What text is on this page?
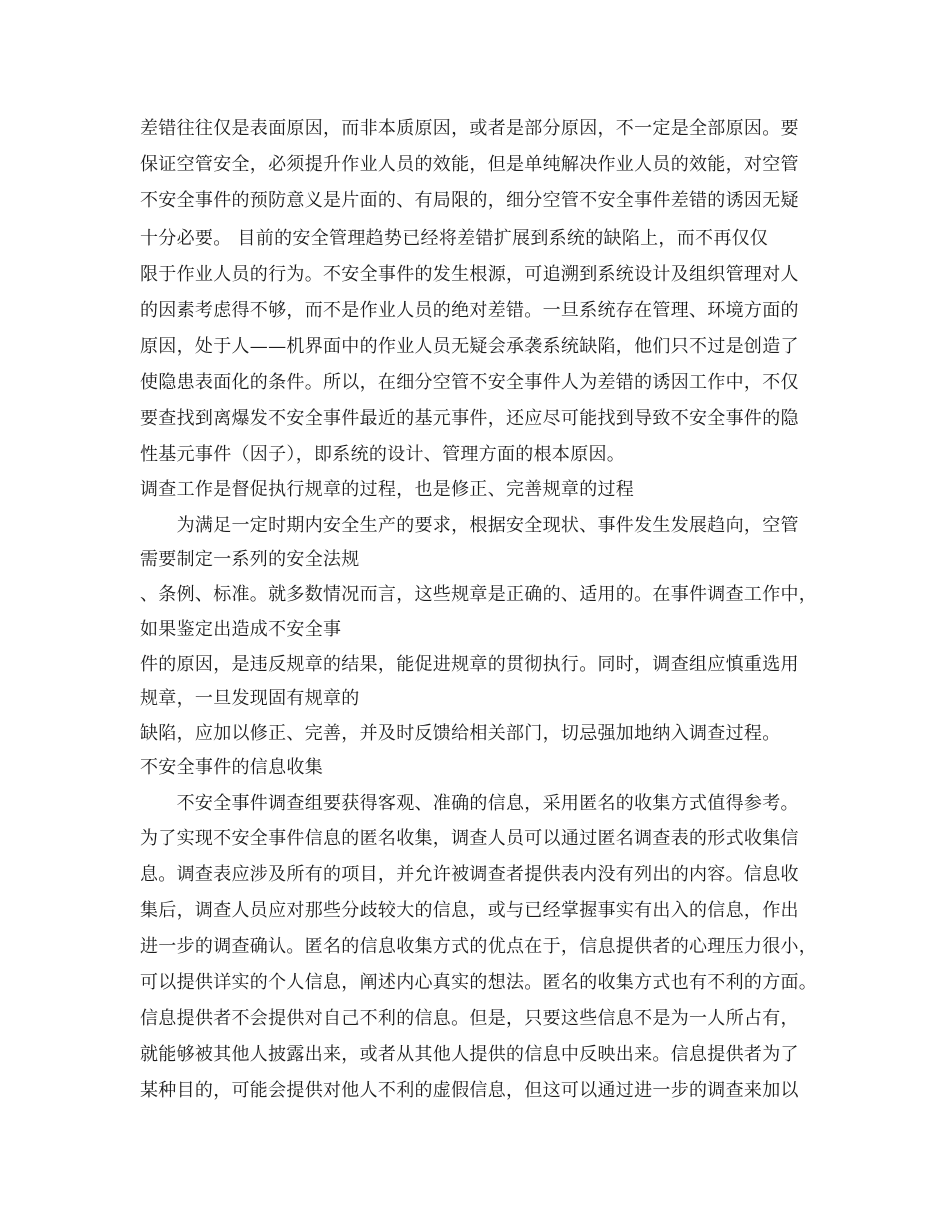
差错往往仅是表面原因，而非本质原因，或者是部分原因，不一定是全部原因。要
保证空管安全，必须提升作业人员的效能，但是单纯解决作业人员的效能，对空管
不安全事件的预防意义是片面的、有局限的，细分空管不安全事件差错的诱因无疑
十分必要。 目前的安全管理趋势已经将差错扩展到系统的缺陷上，而不再仅仅
限于作业人员的行为。不安全事件的发生根源，可追溯到系统设计及组织管理对人
的因素考虑得不够，而不是作业人员的绝对差错。一旦系统存在管理、环境方面的
原因，处于人——机界面中的作业人员无疑会承袭系统缺陷，他们只不过是创造了
使隐患表面化的条件。所以，在细分空管不安全事件人为差错的诱因工作中，不仅
要查找到离爆发不安全事件最近的基元事件，还应尽可能找到导致不安全事件的隐
性基元事件（因子），即系统的设计、管理方面的根本原因。
调查工作是督促执行规章的过程，也是修正、完善规章的过程
　　为满足一定时期内安全生产的要求，根据安全现状、事件发生发展趋向，空管
需要制定一系列的安全法规
、条例、标准。就多数情况而言，这些规章是正确的、适用的。在事件调查工作中，
如果鉴定出造成不安全事
件的原因，是违反规章的结果，能促进规章的贯彻执行。同时，调查组应慎重选用
规章，一旦发现固有规章的
缺陷，应加以修正、完善，并及时反馈给相关部门，切忌强加地纳入调查过程。
不安全事件的信息收集
　　不安全事件调查组要获得客观、准确的信息，采用匿名的收集方式值得参考。
为了实现不安全事件信息的匿名收集，调查人员可以通过匿名调查表的形式收集信
息。调查表应涉及所有的项目，并允许被调查者提供表内没有列出的内容。信息收
集后，调查人员应对那些分歧较大的信息，或与已经掌握事实有出入的信息，作出
进一步的调查确认。匿名的信息收集方式的优点在于，信息提供者的心理压力很小，
可以提供详实的个人信息，阐述内心真实的想法。匿名的收集方式也有不利的方面。
信息提供者不会提供对自己不利的信息。但是，只要这些信息不是为一人所占有，
就能够被其他人披露出来，或者从其他人提供的信息中反映出来。信息提供者为了
某种目的，可能会提供对他人不利的虚假信息，但这可以通过进一步的调查来加以
